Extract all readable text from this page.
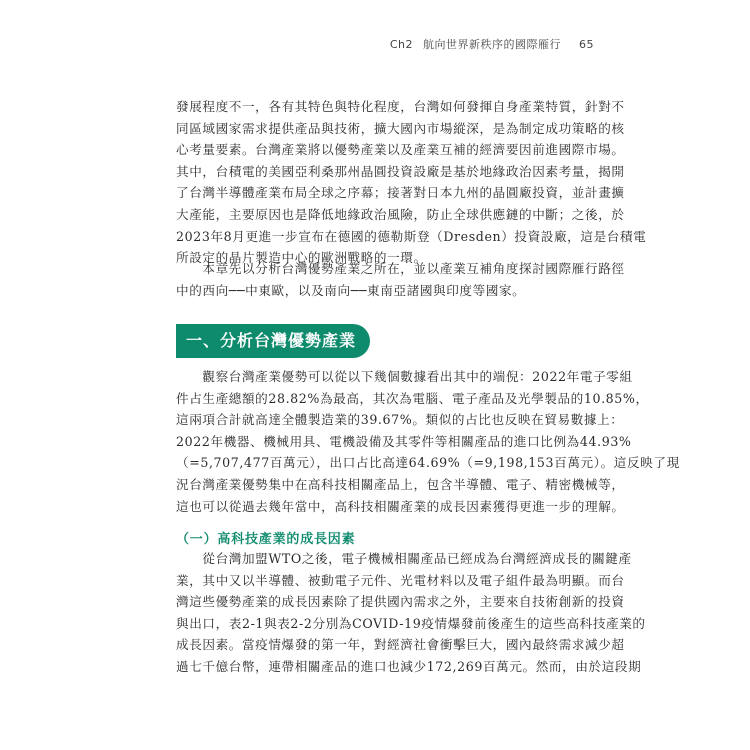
Ch2 航向世界新秩序的國際雁行 65
發展程度不一，各有其特色與特化程度，台灣如何發揮自身產業特質，針對不
同區域國家需求提供產品與技術，擴大國內市場縱深，是為制定成功策略的核
心考量要素。台灣產業將以優勢產業以及產業互補的經濟要因前進國際市場。
其中，台積電的美國亞利桑那州晶圓投資設廠是基於地緣政治因素考量，揭開
了台灣半導體產業布局全球之序幕；接著對日本九州的晶圓廠投資，並計畫擴
大產能，主要原因也是降低地緣政治風險，防止全球供應鏈的中斷；之後，於
2023年8月更進一步宣布在德國的德勒斯登（Dresden）投資設廠，這是台積電
所設定的晶片製造中心的歐洲戰略的一環。
　　本章先以分析台灣優勢產業之所在，並以產業互補角度探討國際雁行路徑
中的西向──中東歐，以及南向──東南亞諸國與印度等國家。
一、分析台灣優勢產業
　　觀察台灣產業優勢可以從以下幾個數據看出其中的端倪：2022年電子零組
件占生產總額的28.82%為最高，其次為電腦、電子產品及光學製品的10.85%，
這兩項合計就高達全體製造業的39.67%。類似的占比也反映在貿易數據上：
2022年機器、機械用具、電機設備及其零件等相關產品的進口比例為44.93%
（=5,707,477百萬元），出口占比高達64.69%（=9,198,153百萬元）。這反映了現
況台灣產業優勢集中在高科技相關產品上，包含半導體、電子、精密機械等，
這也可以從過去幾年當中，高科技相關產業的成長因素獲得更進一步的理解。
（一）高科技產業的成長因素
　　從台灣加盟WTO之後，電子機械相關產品已經成為台灣經濟成長的關鍵產
業，其中又以半導體、被動電子元件、光電材料以及電子組件最為明顯。而台
灣這些優勢產業的成長因素除了提供國內需求之外，主要來自技術創新的投資
與出口，表2-1與表2-2分別為COVID-19疫情爆發前後產生的這些高科技產業的
成長因素。當疫情爆發的第一年，對經濟社會衝擊巨大，國內最終需求減少超
過七千億台幣，連帶相關產品的進口也減少172,269百萬元。然而，由於這段期
